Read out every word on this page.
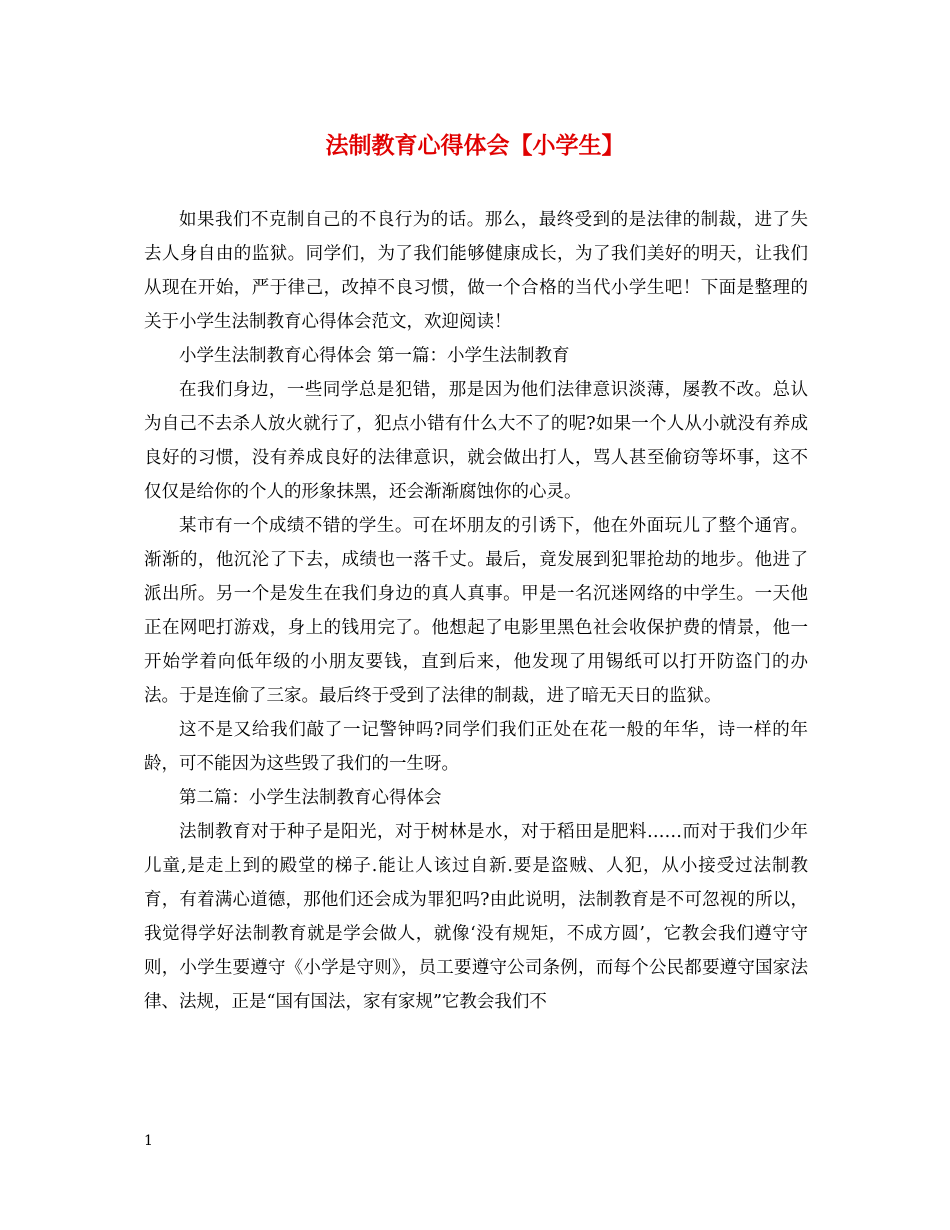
法制教育心得体会【小学生】

如果我们不克制自己的不良行为的话。那么，最终受到的是法律的制裁，进了失去人身自由的监狱。同学们，为了我们能够健康成长，为了我们美好的明天，让我们从现在开始，严于律己，改掉不良习惯，做一个合格的当代小学生吧！下面是整理的关于小学生法制教育心得体会范文，欢迎阅读！

小学生法制教育心得体会 第一篇：小学生法制教育

在我们身边，一些同学总是犯错，那是因为他们法律意识淡薄，屡教不改。总认为自己不去杀人放火就行了，犯点小错有什么大不了的呢?如果一个人从小就没有养成良好的习惯，没有养成良好的法律意识，就会做出打人，骂人甚至偷窃等坏事，这不仅仅是给你的个人的形象抹黑，还会渐渐腐蚀你的心灵。

某市有一个成绩不错的学生。可在坏朋友的引诱下，他在外面玩儿了整个通宵。渐渐的，他沉沦了下去，成绩也一落千丈。最后，竟发展到犯罪抢劫的地步。他进了派出所。另一个是发生在我们身边的真人真事。甲是一名沉迷网络的中学生。一天他正在网吧打游戏，身上的钱用完了。他想起了电影里黑色社会收保护费的情景，他一开始学着向低年级的小朋友要钱，直到后来，他发现了用锡纸可以打开防盗门的办法。于是连偷了三家。最后终于受到了法律的制裁，进了暗无天日的监狱。

这不是又给我们敲了一记警钟吗?同学们我们正处在花一般的年华，诗一样的年龄，可不能因为这些毁了我们的一生呀。

第二篇：小学生法制教育心得体会

法制教育对于种子是阳光，对于树林是水，对于稻田是肥料……而对于我们少年儿童,是走上到的殿堂的梯子.能让人该过自新.要是盗贼、人犯，从小接受过法制教育，有着满心道德，那他们还会成为罪犯吗?由此说明，法制教育是不可忽视的所以，我觉得学好法制教育就是学会做人，就像‘没有规矩，不成方圆’，它教会我们遵守守则，小学生要遵守《小学是守则》，员工要遵守公司条例，而每个公民都要遵守国家法律、法规，正是“国有国法，家有家规”它教会我们不

1
